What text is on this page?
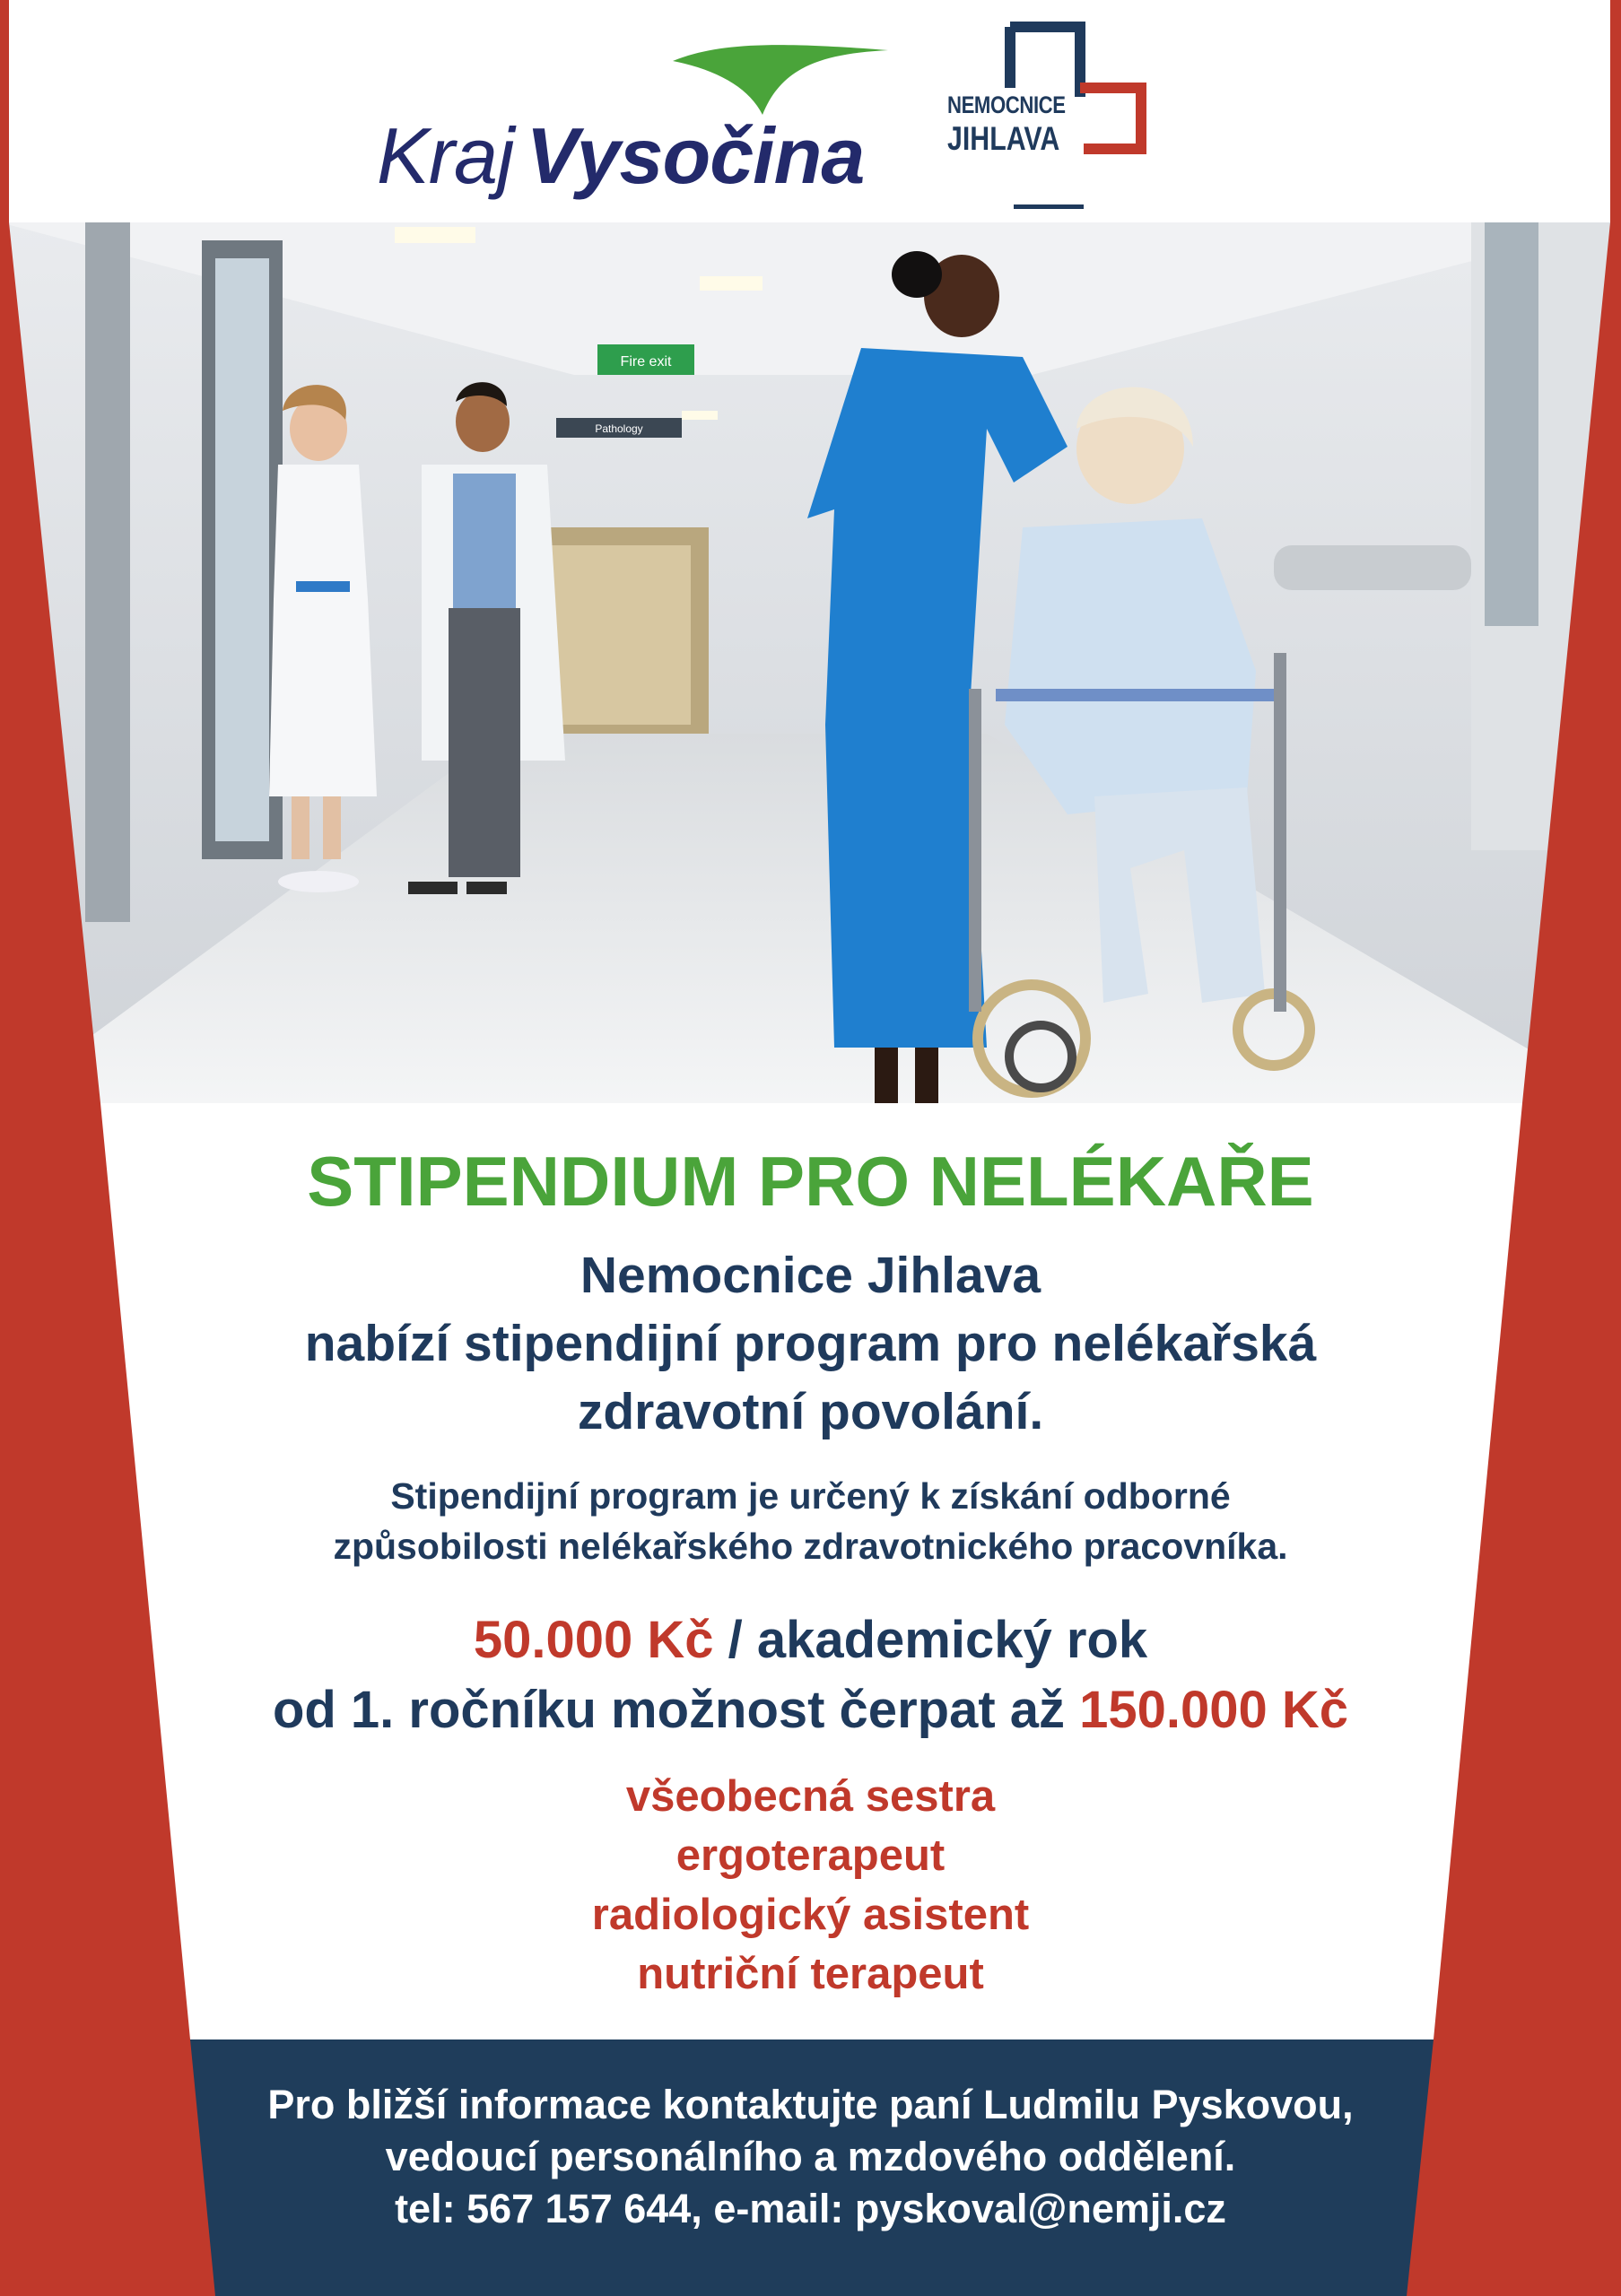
Kraj Vysočina
NEMOCNICE
JIHLAVA
Fire exit
Pathology
STIPENDIUM PRO NELÉKAŘE
Nemocnice Jihlava
nabízí stipendijní program pro nelékařská
zdravotní povolání.
Stipendijní program je určený k získání odborné
způsobilosti nelékařského zdravotnického pracovníka.
50.000 Kč / akademický rok
od 1. ročníku možnost čerpat až 150.000 Kč
všeobecná sestra
ergoterapeut
radiologický asistent
nutriční terapeut
Pro bližší informace kontaktujte paní Ludmilu Pyskovou,
vedoucí personálního a mzdového oddělení.
tel: 567 157 644, e-mail: pyskoval@nemji.cz
